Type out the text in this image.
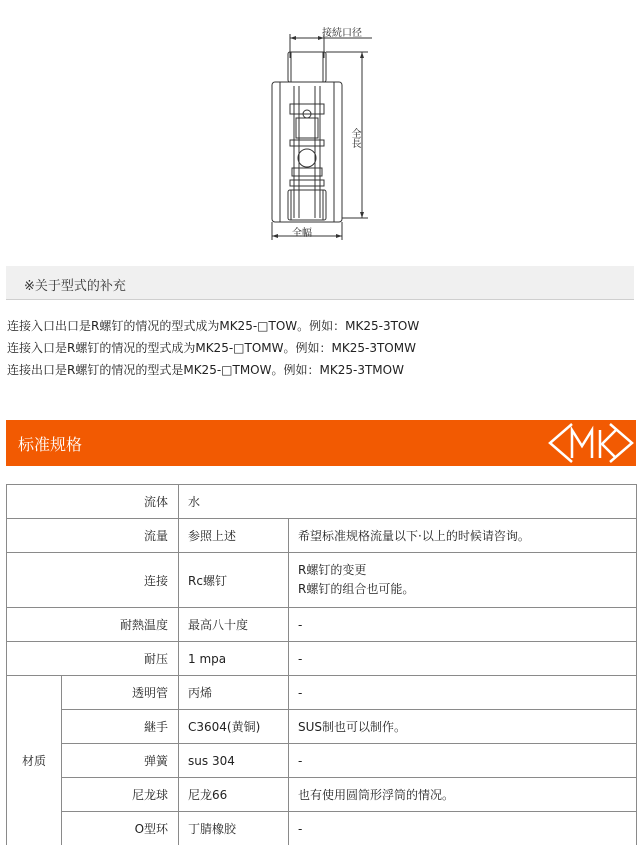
接続口径
全長
全幅
※关于型式的补充
连接入口出口是R螺钉的情况的型式成为MK25-□TOW。例如：MK25-3TOW
连接入口是R螺钉的情况的型式成为MK25-□TOMW。例如：MK25-3TOMW
连接出口是R螺钉的情况的型式是MK25-□TMOW。例如：MK25-3TMOW
标准规格
流体		水	
流量		参照上述	希望标准规格流量以下·以上的时候请咨询。
连接		Rc螺钉	R螺钉的变更
R螺钉的组合也可能。

耐熱温度		最高八十度	-
耐压		1 mpa	-
材质	透明管	丙烯	-
	継手	C3604(黄铜)	SUS制也可以制作。
	弹簧	sus 304	-
	尼龙球	尼龙66	也有使用圆筒形浮筒的情况。
	O型环	丁腈橡胶	-
